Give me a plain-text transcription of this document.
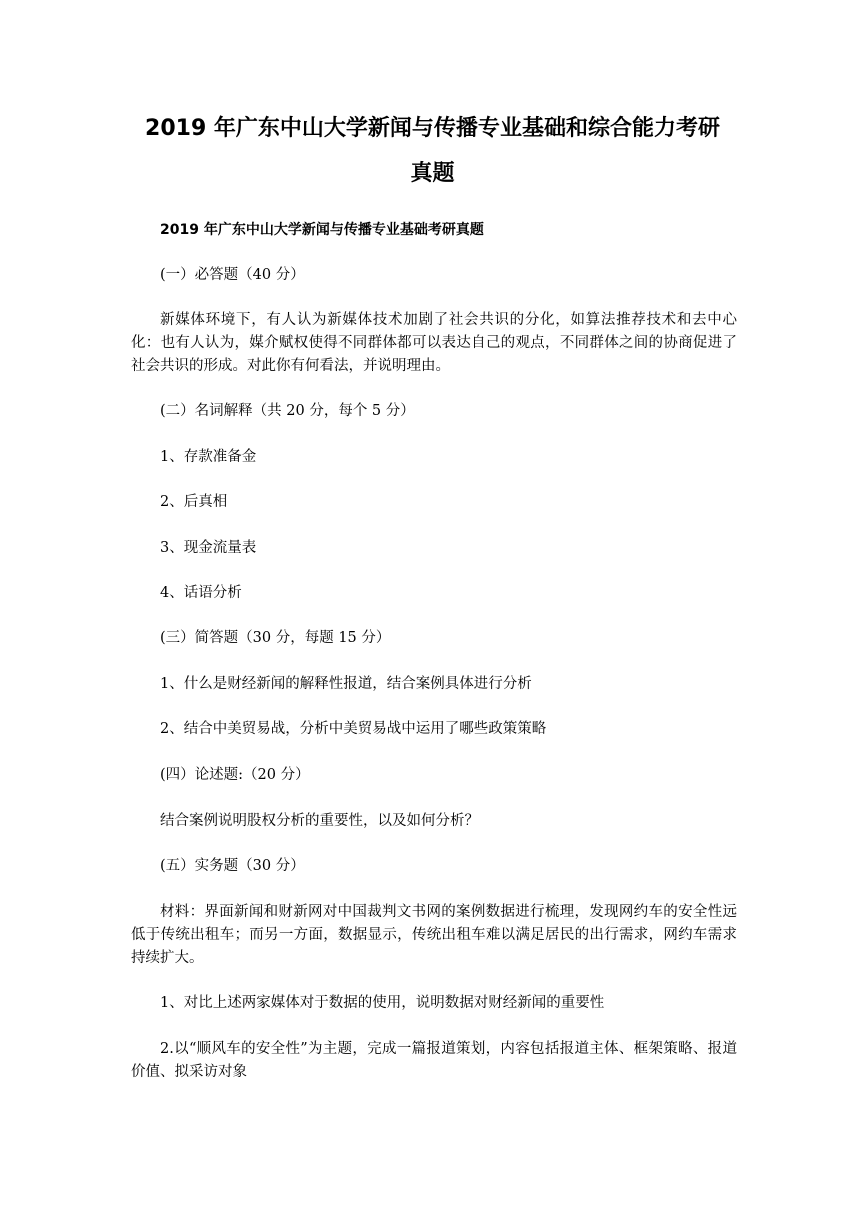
2019 年广东中山大学新闻与传播专业基础和综合能力考研
真题

2019 年广东中山大学新闻与传播专业基础考研真题

(一）必答题（40 分）

新媒体环境下，有人认为新媒体技术加剧了社会共识的分化，如算法推荐技术和去中心化：也有人认为，媒介赋权使得不同群体都可以表达自己的观点，不同群体之间的协商促进了社会共识的形成。对此你有何看法，并说明理由。

(二）名词解释（共 20 分，每个 5 分）

1、存款准备金

2、后真相

3、现金流量表

4、话语分析

(三）简答题（30 分，每题 15 分）

1、什么是财经新闻的解释性报道，结合案例具体进行分析

2、结合中美贸易战，分析中美贸易战中运用了哪些政策策略

(四）论述题:（20 分）

结合案例说明股权分析的重要性，以及如何分析？

(五）实务题（30 分）

材料：界面新闻和财新网对中国裁判文书网的案例数据进行梳理，发现网约车的安全性远低于传统出租车；而另一方面，数据显示，传统出租车难以满足居民的出行需求，网约车需求持续扩大。

1、对比上述两家媒体对于数据的使用，说明数据对财经新闻的重要性

2.以“顺风车的安全性”为主题，完成一篇报道策划，内容包括报道主体、框架策略、报道价值、拟采访对象
